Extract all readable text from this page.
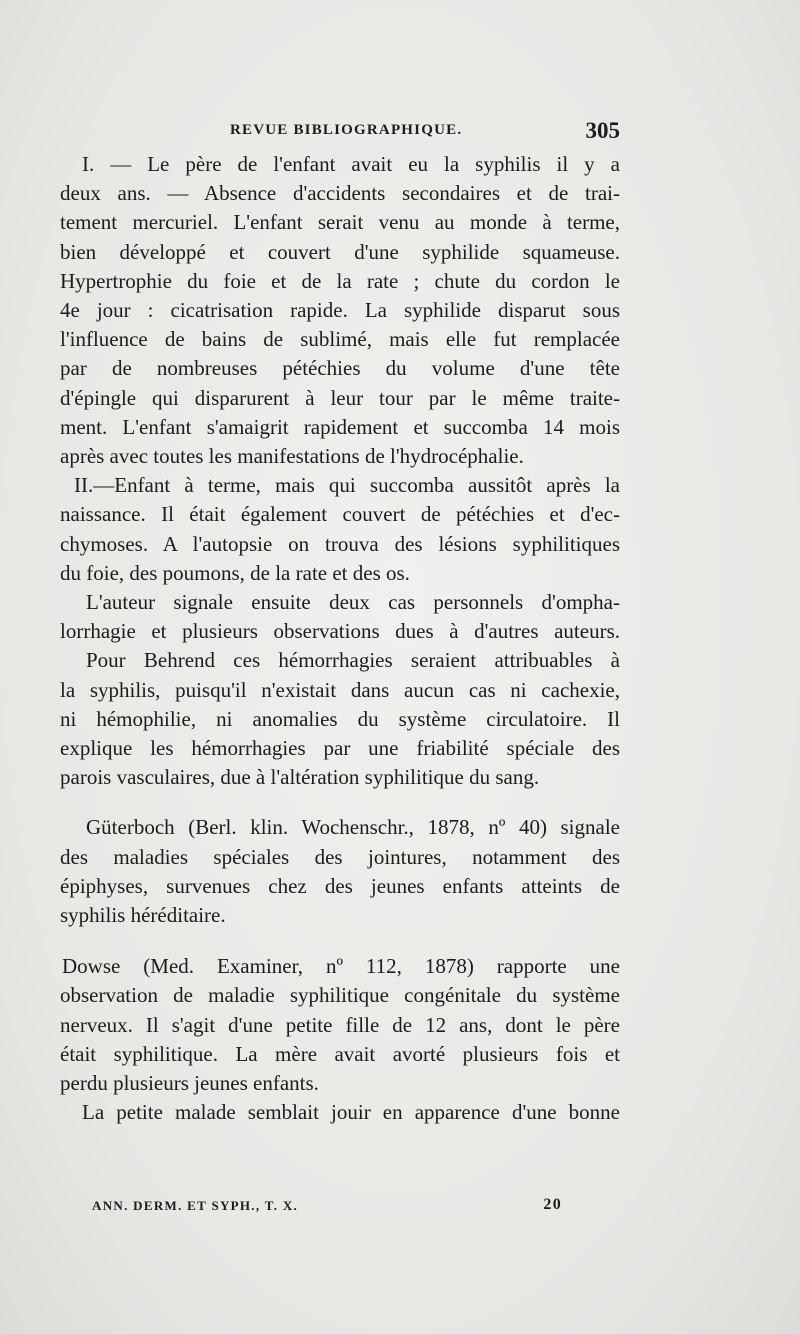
REVUE BIBLIOGRAPHIQUE.	305

I. — Le père de l'enfant avait eu la syphilis il y a
deux ans. — Absence d'accidents secondaires et de trai-
tement mercuriel. L'enfant serait venu au monde à terme,
bien développé et couvert d'une syphilide squameuse.
Hypertrophie du foie et de la rate ; chute du cordon le
4e jour : cicatrisation rapide. La syphilide disparut sous
l'influence de bains de sublimé, mais elle fut remplacée
par de nombreuses pétéchies du volume d'une tête
d'épingle qui disparurent à leur tour par le même traite-
ment. L'enfant s'amaigrit rapidement et succomba 14 mois
après avec toutes les manifestations de l'hydrocéphalie.

II.—Enfant à terme, mais qui succomba aussitôt après la
naissance. Il était également couvert de pétéchies et d'ec-
chymoses. A l'autopsie on trouva des lésions syphilitiques
du foie, des poumons, de la rate et des os.

L'auteur signale ensuite deux cas personnels d'ompha-
lorrhagie et plusieurs observations dues à d'autres auteurs.

Pour Behrend ces hémorrhagies seraient attribuables à
la syphilis, puisqu'il n'existait dans aucun cas ni cachexie,
ni hémophilie, ni anomalies du système circulatoire. Il
explique les hémorrhagies par une friabilité spéciale des
parois vasculaires, due à l'altération syphilitique du sang.

Güterboch (Berl. klin. Wochenschr., 1878, nº 40) signale
des maladies spéciales des jointures, notamment des
épiphyses, survenues chez des jeunes enfants atteints de
syphilis héréditaire.

Dowse (Med. Examiner, nº 112, 1878) rapporte une
observation de maladie syphilitique congénitale du système
nerveux. Il s'agit d'une petite fille de 12 ans, dont le père
était syphilitique. La mère avait avorté plusieurs fois et
perdu plusieurs jeunes enfants.

La petite malade semblait jouir en apparence d'une bonne

ANN. DERM. ET SYPH., T. X.	20
